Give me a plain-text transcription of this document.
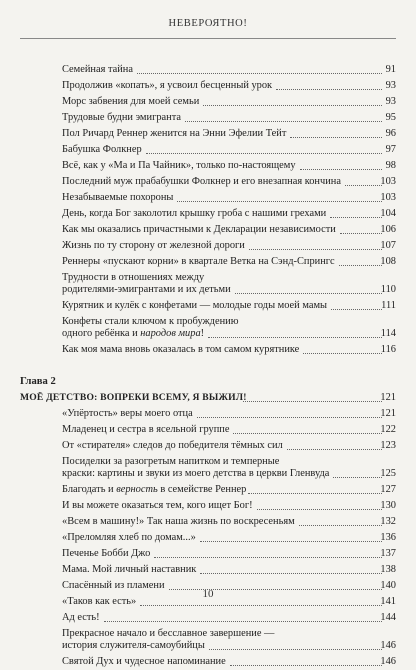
НЕВЕРОЯТНО!
Семейная тайна	91
Продолжив «копать», я усвоил бесценный урок	93
Морс забвения для моей семьи	93
Трудовые будни эмигранта	95
Пол Ричард Реннер женится на Энни Эфелии Тейт	96
Бабушка Фолкнер	97
Всё, как у «Ма и Па Чайник», только по-настоящему	98
Последний муж прабабушки Фолкнер и его внезапная кончина	103
Незабываемые похороны	103
День, когда Бог заколотил крышку гроба с нашими грехами	104
Как мы оказались причастными к Декларации независимости	106
Жизнь по ту сторону от железной дороги	107
Реннеры «пускают корни» в квартале Ветка на Сэнд-Спрингс	108
Трудности в отношениях между
родителями-эмигрантами и их детьми	110
Курятник и кулёк с конфетами — молодые годы моей мамы	111
Конфеты стали ключом к пробуждению
одного ребёнка и народов мира!	114
Как моя мама вновь оказалась в том самом курятнике	116
Глава 2
МОЁ ДЕТСТВО: ВОПРЕКИ ВСЕМУ, Я ВЫЖИЛ!	121
«Упёртость» веры моего отца	121
Младенец и сестра в ясельной группе	122
От «стирателя» следов до победителя тёмных сил	123
Посиделки за разогретым напитком и темперные
краски: картины и звуки из моего детства в церкви Гленвуда	125
Благодать и верность в семействе Реннер	127
И вы можете оказаться тем, кого ищет Бог!	130
«Всем в машину!» Так наша жизнь по воскресеньям	132
«Преломляя хлеб по домам...»	136
Печенье Бобби Джо	137
Мама. Мой личный наставник	138
Спасённый из пламени	140
«Таков как есть»	141
Ад есть!	144
Прекрасное начало и бесславное завершение —
история служителя-самоубийцы	146
Святой Дух и чудесное напоминание	146
10
